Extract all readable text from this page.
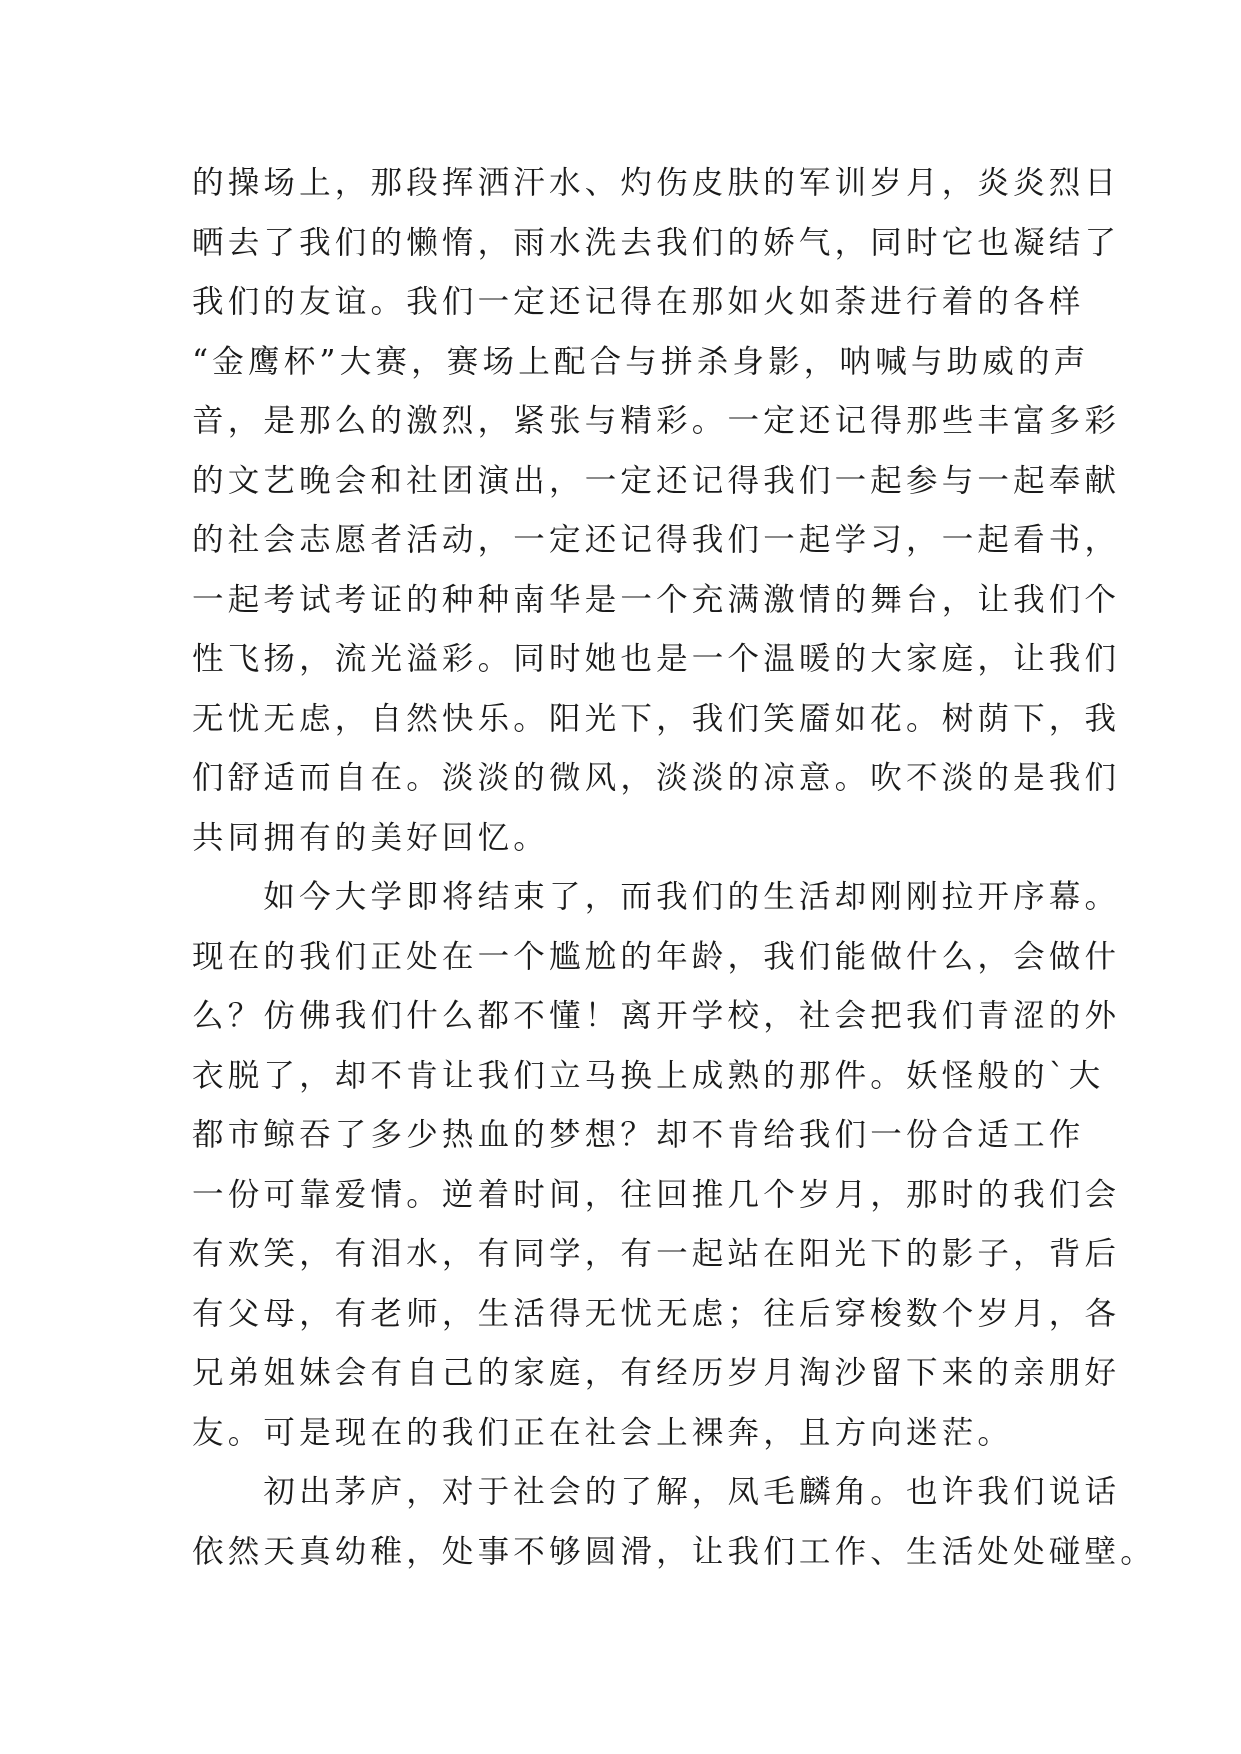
的操场上，那段挥洒汗水、灼伤皮肤的军训岁月，炎炎烈日
晒去了我们的懒惰，雨水洗去我们的娇气，同时它也凝结了
我们的友谊。我们一定还记得在那如火如荼进行着的各样
“金鹰杯”大赛，赛场上配合与拼杀身影，呐喊与助威的声
音，是那么的激烈，紧张与精彩。一定还记得那些丰富多彩
的文艺晚会和社团演出，一定还记得我们一起参与一起奉献
的社会志愿者活动，一定还记得我们一起学习，一起看书，
一起考试考证的种种南华是一个充满激情的舞台，让我们个
性飞扬，流光溢彩。同时她也是一个温暖的大家庭，让我们
无忧无虑，自然快乐。阳光下，我们笑靥如花。树荫下，我
们舒适而自在。淡淡的微风，淡淡的凉意。吹不淡的是我们
共同拥有的美好回忆。
　　如今大学即将结束了，而我们的生活却刚刚拉开序幕。
现在的我们正处在一个尴尬的年龄，我们能做什么，会做什
么？仿佛我们什么都不懂！离开学校，社会把我们青涩的外
衣脱了，却不肯让我们立马换上成熟的那件。妖怪般的`大
都市鲸吞了多少热血的梦想？却不肯给我们一份合适工作
一份可靠爱情。逆着时间，往回推几个岁月，那时的我们会
有欢笑，有泪水，有同学，有一起站在阳光下的影子，背后
有父母，有老师，生活得无忧无虑；往后穿梭数个岁月，各
兄弟姐妹会有自己的家庭，有经历岁月淘沙留下来的亲朋好
友。可是现在的我们正在社会上裸奔，且方向迷茫。
　　初出茅庐，对于社会的了解，凤毛麟角。也许我们说话
依然天真幼稚，处事不够圆滑，让我们工作、生活处处碰壁。
